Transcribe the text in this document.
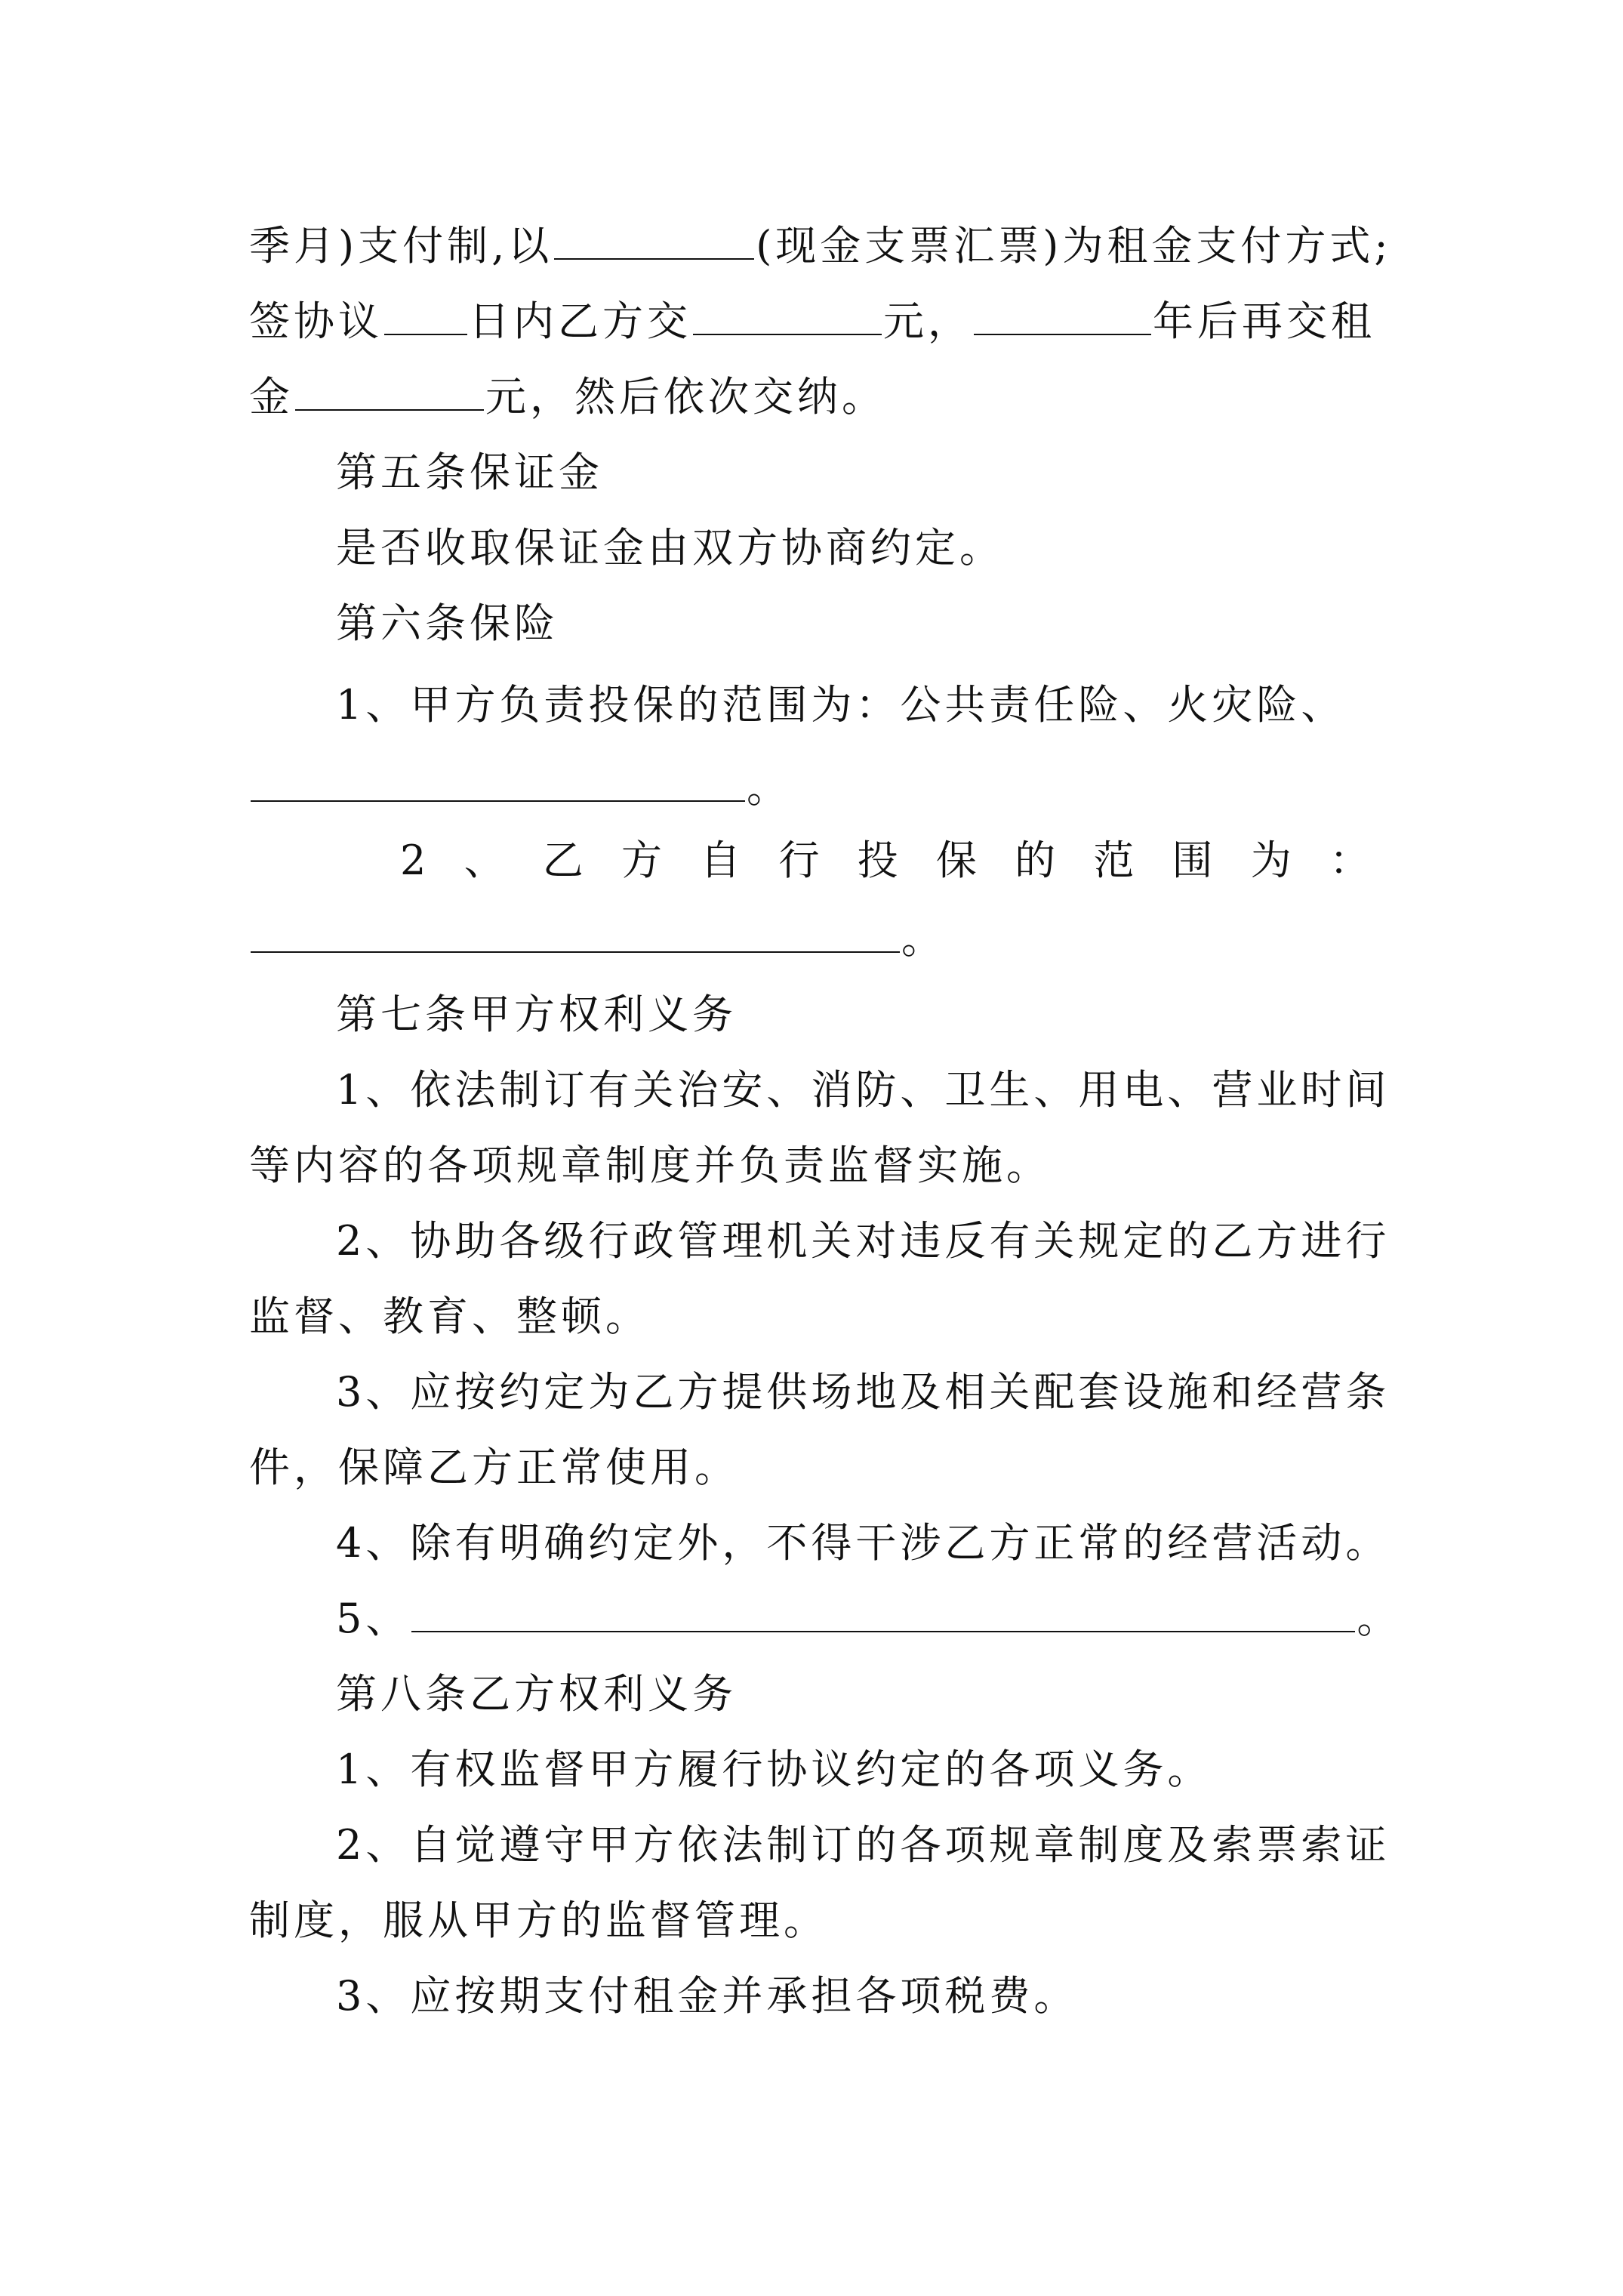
季月)支付制,以	(现金支票汇票)为租金支付方式;
签协议 日内乙方交	元，	年后再交租
金	元，然后依次交纳。
第五条保证金
是否收取保证金由双方协商约定。
第六条保险
1、甲方负责投保的范围为：公共责任险、火灾险、
。
2 、 乙 方 自 行 投 保 的 范 围 为 ：
。
第七条甲方权利义务
1、依法制订有关治安、消防、卫生、用电、营业时间
等内容的各项规章制度并负责监督实施。
2、协助各级行政管理机关对违反有关规定的乙方进行
监督、教育、整顿。
3、应按约定为乙方提供场地及相关配套设施和经营条
件，保障乙方正常使用。
4、除有明确约定外，不得干涉乙方正常的经营活动。
5、	。
第八条乙方权利义务
1、有权监督甲方履行协议约定的各项义务。
2、自觉遵守甲方依法制订的各项规章制度及索票索证
制度，服从甲方的监督管理。
3、应按期支付租金并承担各项税费。
